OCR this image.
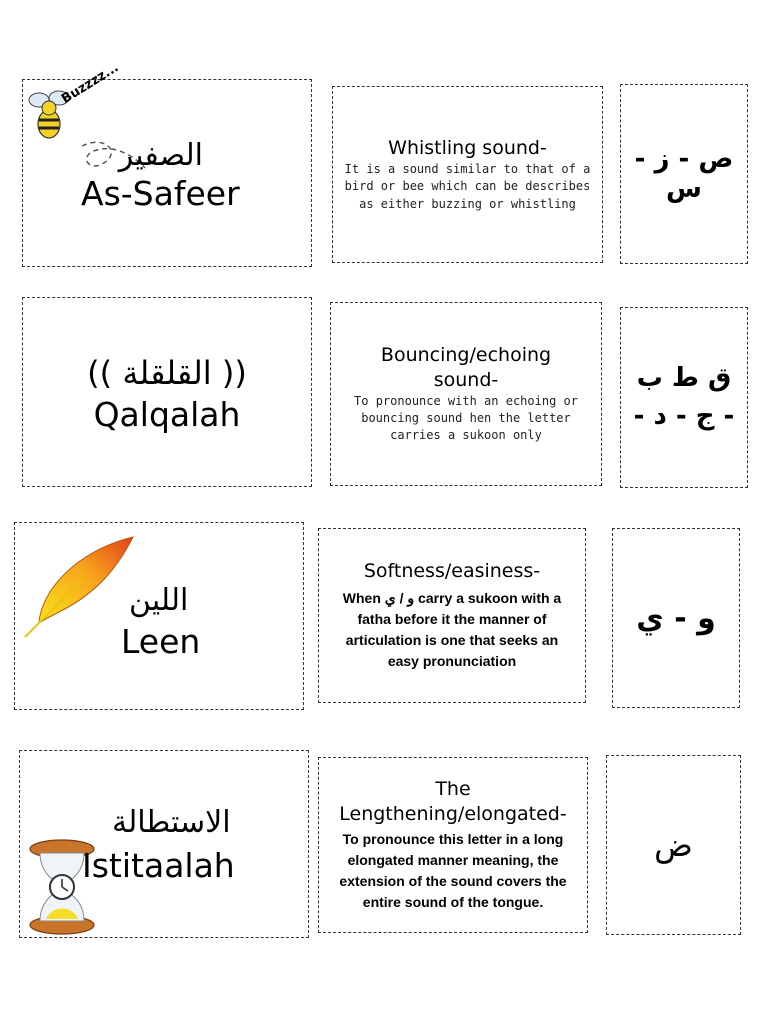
Buzzzz...
الصفير
As-Safeer
Whistling sound-
It is a sound similar to that of a bird or bee which can be describes as either buzzing or whistling
ص - ز - س
(( القلقلة ))
Qalqalah
Bouncing/echoing sound-
To pronounce with an echoing or bouncing sound hen the letter carries a sukoon only
ق ط ب - ج - د -
اللين
Leen
Softness/easiness-
When و / ي carry a sukoon with a fatha before it the manner of articulation is one that seeks an easy pronunciation
و - ي
الاستطالة
Istitaalah
The Lengthening/elongated-
To pronounce this letter in a long elongated manner meaning, the extension of the sound covers the entire sound of the tongue.
ض
